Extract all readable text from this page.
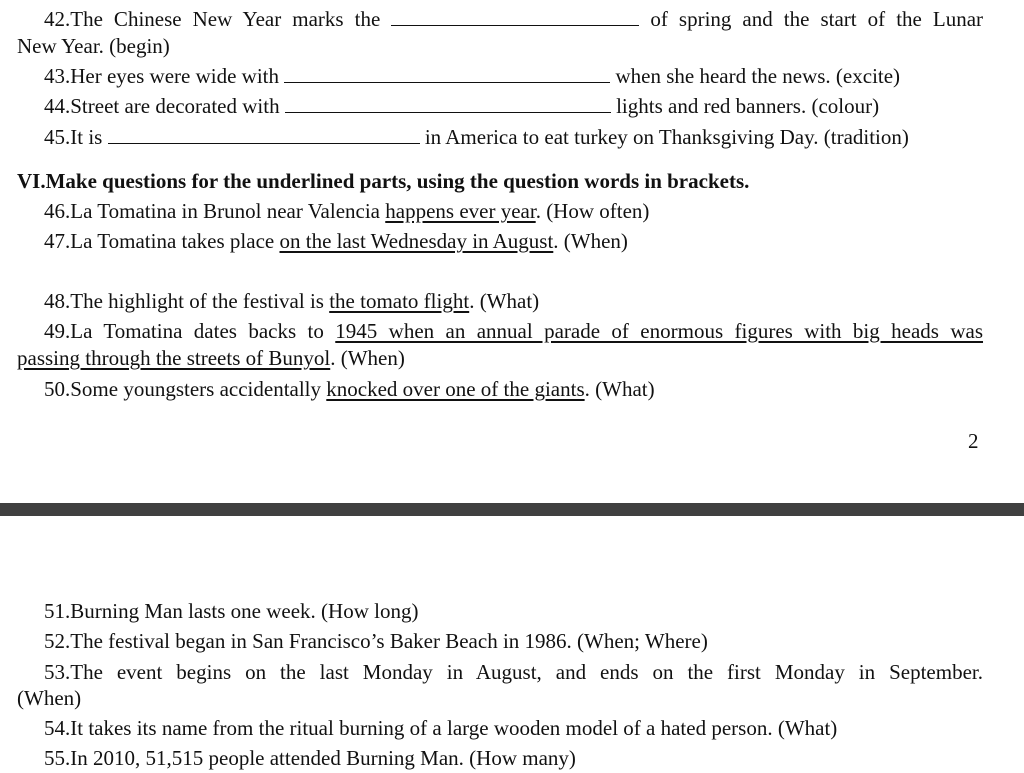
42.The Chinese New Year marks the	of spring and the start of the Lunar
New Year. (begin)
43.Her eyes were wide with	when she heard the news. (excite)
44.Street are decorated with	lights and red banners. (colour)
45.It is	in America to eat turkey on Thanksgiving Day. (tradition)
VI.Make questions for the underlined parts, using the question words in brackets.
46.La Tomatina in Brunol near Valencia happens ever year. (How often)
47.La Tomatina takes place on the last Wednesday in August. (When)
48.The highlight of the festival is the tomato flight. (What)
49.La Tomatina dates backs to 1945 when an annual parade of enormous figures with big heads was
passing through the streets of Bunyol. (When)
50.Some youngsters accidentally knocked over one of the giants. (What)
2
51.Burning Man lasts one week. (How long)
52.The festival began in San Francisco’s Baker Beach in 1986. (When; Where)
53.The event begins on the last Monday in August, and ends on the first Monday in September.
(When)
54.It takes its name from the ritual burning of a large wooden model of a hated person. (What)
55.In 2010, 51,515 people attended Burning Man. (How many)
